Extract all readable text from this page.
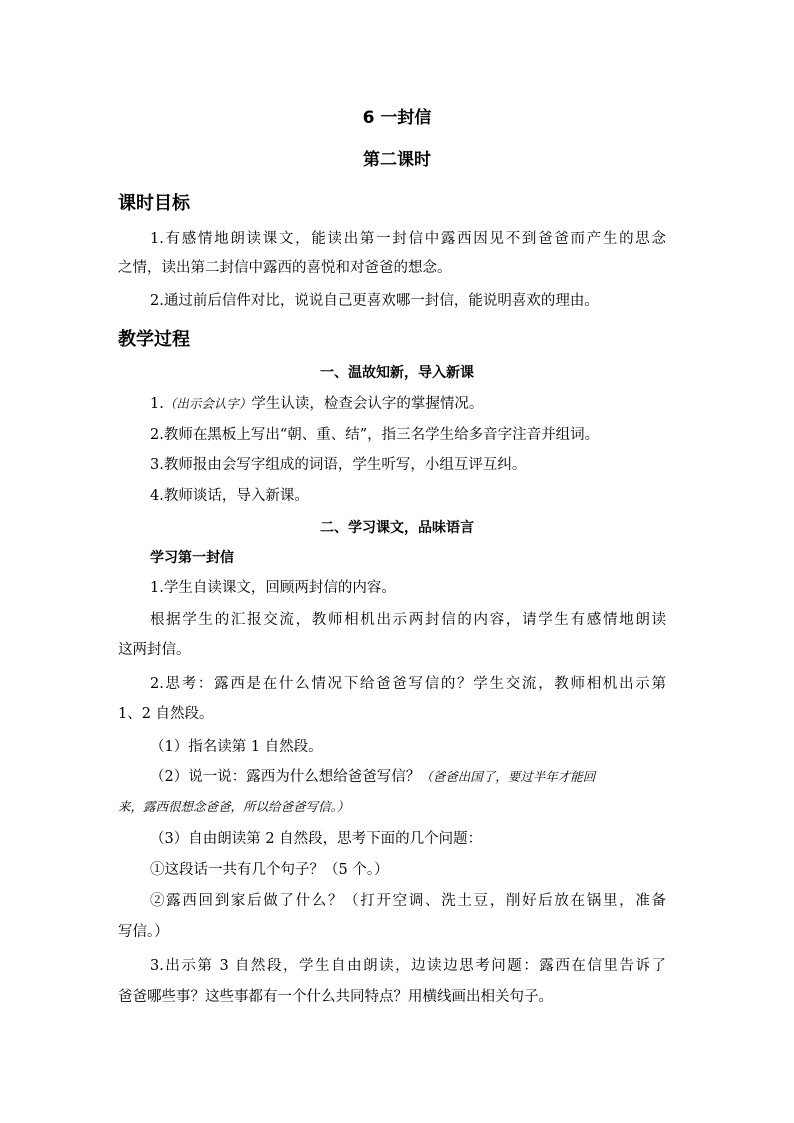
6 一封信
第二课时
课时目标
1.有感情地朗读课文，能读出第一封信中露西因见不到爸爸而产生的思念
之情，读出第二封信中露西的喜悦和对爸爸的想念。
2.通过前后信件对比，说说自己更喜欢哪一封信，能说明喜欢的理由。
教学过程
一、温故知新，导入新课
1.（出示会认字）学生认读，检查会认字的掌握情况。
2.教师在黑板上写出“朝、重、结”，指三名学生给多音字注音并组词。
3.教师报由会写字组成的词语，学生听写，小组互评互纠。
4.教师谈话，导入新课。
二、学习课文，品味语言
学习第一封信
1.学生自读课文，回顾两封信的内容。
根据学生的汇报交流，教师相机出示两封信的内容，请学生有感情地朗读
这两封信。
2.思考：露西是在什么情况下给爸爸写信的？学生交流，教师相机出示第
1、2 自然段。
（1）指名读第 1 自然段。
（2）说一说：露西为什么想给爸爸写信？（爸爸出国了，要过半年才能回
来，露西很想念爸爸，所以给爸爸写信。）
（3）自由朗读第 2 自然段，思考下面的几个问题：
①这段话一共有几个句子？（5 个。）
②露西回到家后做了什么？（打开空调、洗土豆，削好后放在锅里，准备
写信。）
3.出示第 3 自然段，学生自由朗读，边读边思考问题：露西在信里告诉了
爸爸哪些事？这些事都有一个什么共同特点？用横线画出相关句子。
